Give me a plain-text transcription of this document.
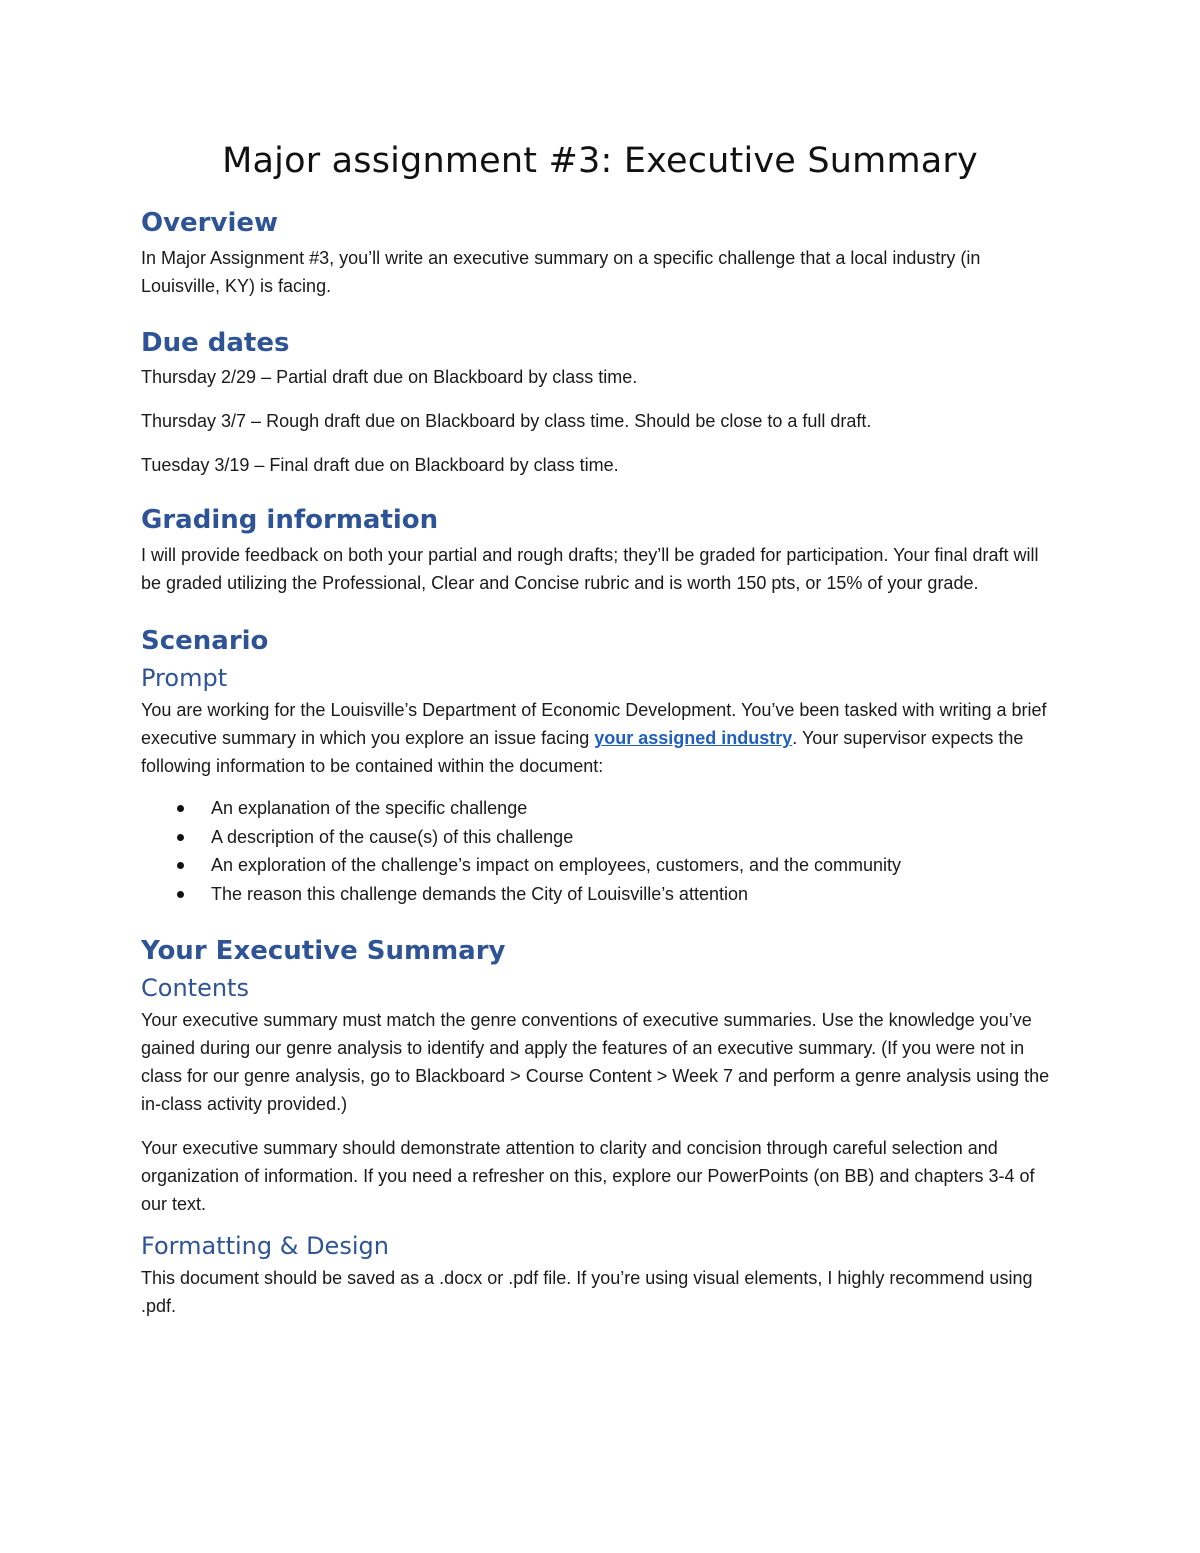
Major assignment #3: Executive Summary
Overview

In Major Assignment #3, you’ll write an executive summary on a specific challenge that a local industry (in Louisville, KY) is facing.

Due dates

Thursday 2/29 – Partial draft due on Blackboard by class time.

Thursday 3/7 – Rough draft due on Blackboard by class time. Should be close to a full draft.

Tuesday 3/19 – Final draft due on Blackboard by class time.

Grading information

I will provide feedback on both your partial and rough drafts; they’ll be graded for participation. Your final draft will be graded utilizing the Professional, Clear and Concise rubric and is worth 150 pts, or 15% of your grade.

Scenario
Prompt

You are working for the Louisville’s Department of Economic Development. You’ve been tasked with writing a brief executive summary in which you explore an issue facing your assigned industry. Your supervisor expects the following information to be contained within the document:

An explanation of the specific challenge
A description of the cause(s) of this challenge
An exploration of the challenge’s impact on employees, customers, and the community
The reason this challenge demands the City of Louisville’s attention
Your Executive Summary
Contents

Your executive summary must match the genre conventions of executive summaries. Use the knowledge you’ve gained during our genre analysis to identify and apply the features of an executive summary. (If you were not in class for our genre analysis, go to Blackboard > Course Content > Week 7 and perform a genre analysis using the in-class activity provided.)

Your executive summary should demonstrate attention to clarity and concision through careful selection and organization of information. If you need a refresher on this, explore our PowerPoints (on BB) and chapters 3-4 of our text.

Formatting & Design

This document should be saved as a .docx or .pdf file. If you’re using visual elements, I highly recommend using .pdf.
